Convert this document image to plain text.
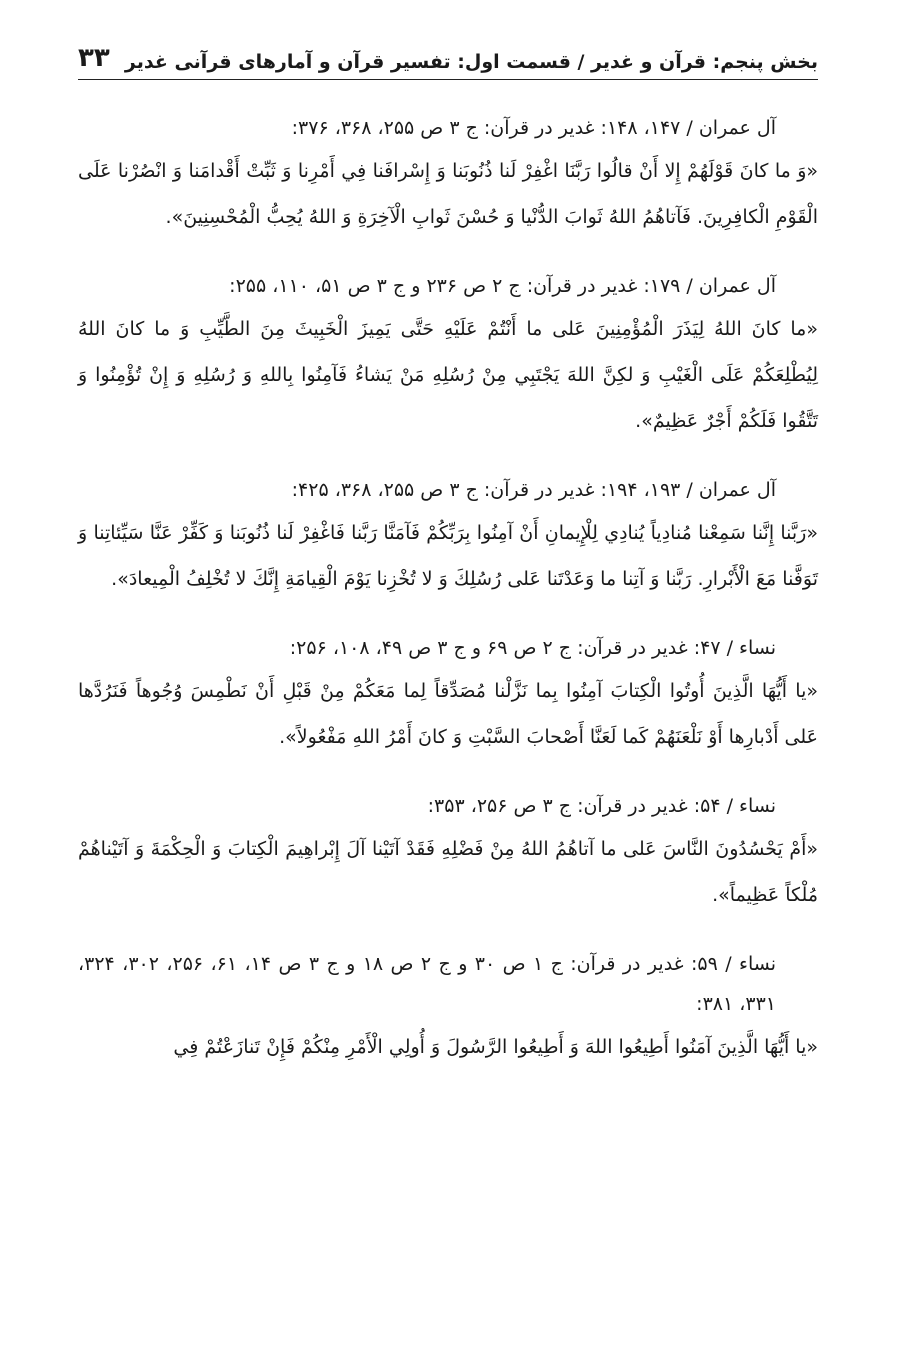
بخش پنجم: قرآن و غدیر / قسمت اول: تفسیر قرآن و آمارهای قرآنی غدیر
۳۳
آل عمران / ۱۴۷، ۱۴۸: غدیر در قرآن: ج ۳ ص ۲۵۵، ۳۶۸، ۳۷۶:
«وَ ما كانَ قَوْلَهُمْ إِلا أَنْ قالُوا رَبَّنَا اغْفِرْ لَنا ذُنُوبَنا وَ إِسْرافَنا فِي أَمْرِنا وَ ثَبِّتْ أَقْدامَنا وَ انْصُرْنا عَلَى الْقَوْمِ الْكافِرِينَ. فَآتاهُمُ اللهُ ثَوابَ الدُّنْيا وَ حُسْنَ ثَوابِ الْآخِرَةِ وَ اللهُ يُحِبُّ الْمُحْسِنِينَ».
آل عمران / ۱۷۹: غدیر در قرآن: ج ۲ ص ۲۳۶ و ج ۳ ص ۵۱، ۱۱۰، ۲۵۵:
«ما كانَ اللهُ لِيَذَرَ الْمُؤْمِنِينَ عَلى ما أَنْتُمْ عَلَيْهِ حَتَّى يَمِيزَ الْخَبِيثَ مِنَ الطَّيِّبِ وَ ما كانَ اللهُ لِيُطْلِعَكُمْ عَلَى الْغَيْبِ وَ لكِنَّ اللهَ يَجْتَبِي مِنْ رُسُلِهِ مَنْ يَشاءُ فَآمِنُوا بِاللهِ وَ رُسُلِهِ وَ إِنْ تُؤْمِنُوا وَ تَتَّقُوا فَلَكُمْ أَجْرٌ عَظِيمٌ».
آل عمران / ۱۹۳، ۱۹۴: غدیر در قرآن: ج ۳ ص ۲۵۵، ۳۶۸، ۴۲۵:
«رَبَّنا إِنَّنا سَمِعْنا مُنادِياً يُنادِي لِلْإِيمانِ أَنْ آمِنُوا بِرَبِّكُمْ فَآمَنَّا رَبَّنا فَاغْفِرْ لَنا ذُنُوبَنا وَ كَفِّرْ عَنَّا سَيِّئاتِنا وَ تَوَفَّنا مَعَ الْأَبْرارِ. رَبَّنا وَ آتِنا ما وَعَدْتَنا عَلى رُسُلِكَ وَ لا تُخْزِنا يَوْمَ الْقِيامَةِ إِنَّكَ لا تُخْلِفُ الْمِيعادَ».
نساء / ۴۷: غدیر در قرآن: ج ۲ ص ۶۹ و ج ۳ ص ۴۹، ۱۰۸، ۲۵۶:
«يا أَيُّهَا الَّذِينَ أُوتُوا الْكِتابَ آمِنُوا بِما نَزَّلْنا مُصَدِّقاً لِما مَعَكُمْ مِنْ قَبْلِ أَنْ نَطْمِسَ وُجُوهاً فَنَرُدَّها عَلى أَدْبارِها أَوْ نَلْعَنَهُمْ كَما لَعَنَّا أَصْحابَ السَّبْتِ وَ كانَ أَمْرُ اللهِ مَفْعُولاً».
نساء / ۵۴: غدیر در قرآن: ج ۳ ص ۲۵۶، ۳۵۳:
«أَمْ يَحْسُدُونَ النَّاسَ عَلى ما آتاهُمُ اللهُ مِنْ فَضْلِهِ فَقَدْ آتَيْنا آلَ إِبْراهِيمَ الْكِتابَ وَ الْحِكْمَةَ وَ آتَيْناهُمْ مُلْكاً عَظِيماً».
نساء / ۵۹: غدیر در قرآن: ج ۱ ص ۳۰ و ج ۲ ص ۱۸ و ج ۳ ص ۱۴، ۶۱، ۲۵۶، ۳۰۲، ۳۲۴، ۳۳۱، ۳۸۱:
«يا أَيُّهَا الَّذِينَ آمَنُوا أَطِيعُوا اللهَ وَ أَطِيعُوا الرَّسُولَ وَ أُولِي الْأَمْرِ مِنْكُمْ فَإِنْ تَنازَعْتُمْ فِي
